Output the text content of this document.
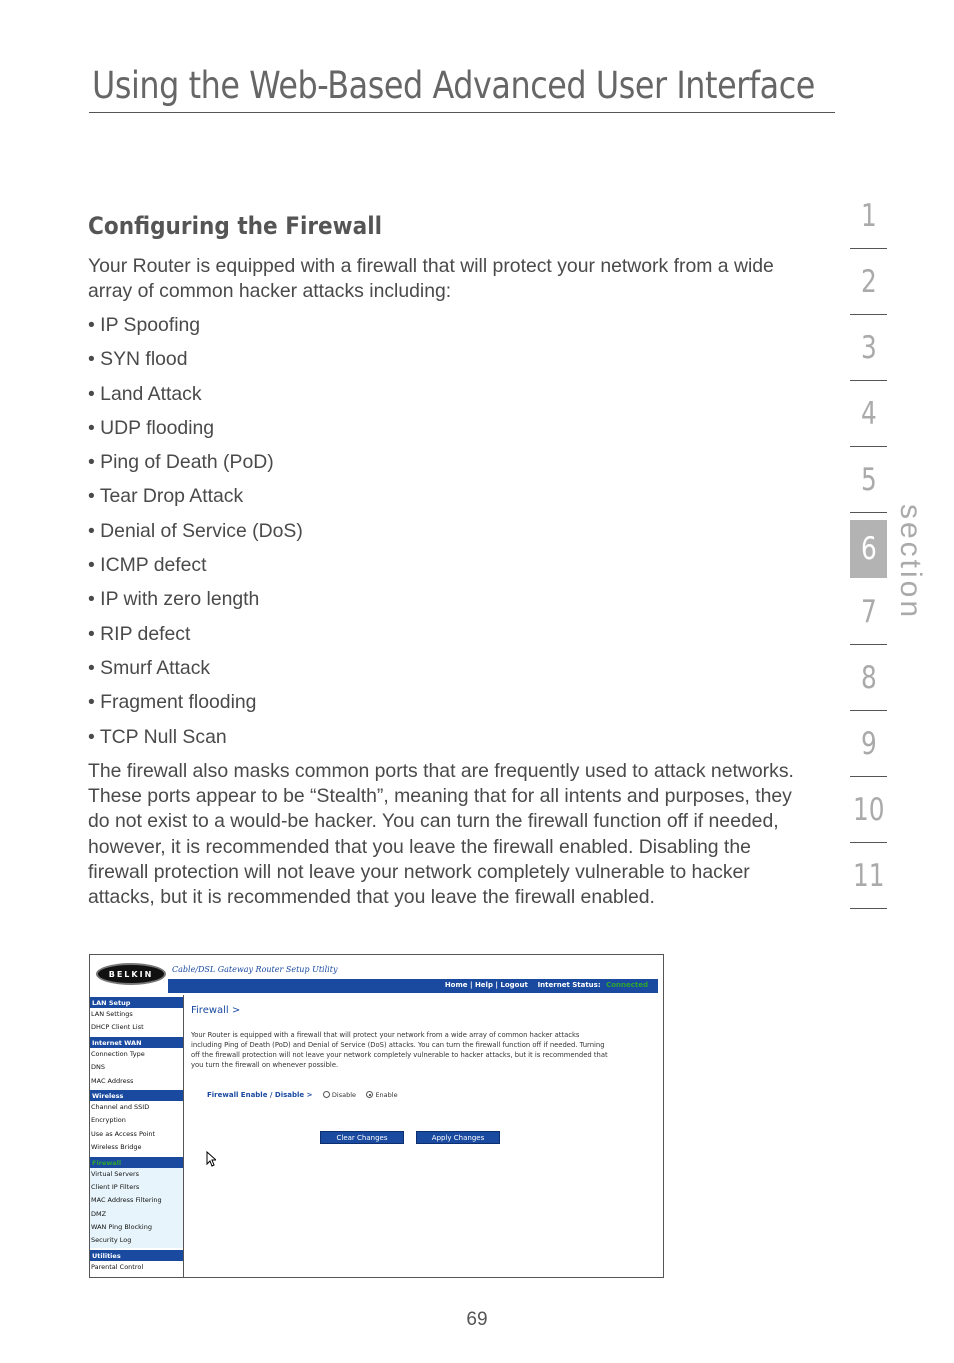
Using the Web-Based Advanced User Interface
Configuring the Firewall

Your Router is equipped with a firewall that will protect your network from a wide array of common hacker attacks including:

• IP Spoofing
• SYN flood
• Land Attack
• UDP flooding
• Ping of Death (PoD)
• Tear Drop Attack
• Denial of Service (DoS)
• ICMP defect
• IP with zero length
• RIP defect
• Smurf Attack
• Fragment flooding
• TCP Null Scan

The firewall also masks common ports that are frequently used to attack networks. These ports appear to be “Stealth”, meaning that for all intents and purposes, they do not exist to a would-be hacker. You can turn the firewall function off if needed, however, it is recommended that you leave the firewall enabled. Disabling the firewall protection will not leave your network completely vulnerable to hacker attacks, but it is recommended that you leave the firewall enabled.

1
2
3
4
5
6
7
8
9
10
11
section
BELKIN	Cable/DSL Gateway Router Setup Utility
Home | Help | Logout Internet Status: Connected
LAN Setup
LAN Settings
DHCP Client List
Internet WAN
Connection Type
DNS
MAC Address
Wireless
Channel and SSID
Encryption
Use as Access Point
Wireless Bridge
Firewall
Virtual Servers
Client IP Filters
MAC Address Filtering
DMZ
WAN Ping Blocking
Security Log
Utilities
Parental Control
Firewall >
Your Router is equipped with a firewall that will protect your network from a wide array of common hacker attacks including Ping of Death (PoD) and Denial of Service (DoS) attacks. You can turn the firewall function off if needed. Turning off the firewall protection will not leave your network completely vulnerable to hacker attacks, but it is recommended that you turn the firewall on whenever possible.
Firewall Enable / Disable >	Disable	Enable
Clear Changes	Apply Changes
69
